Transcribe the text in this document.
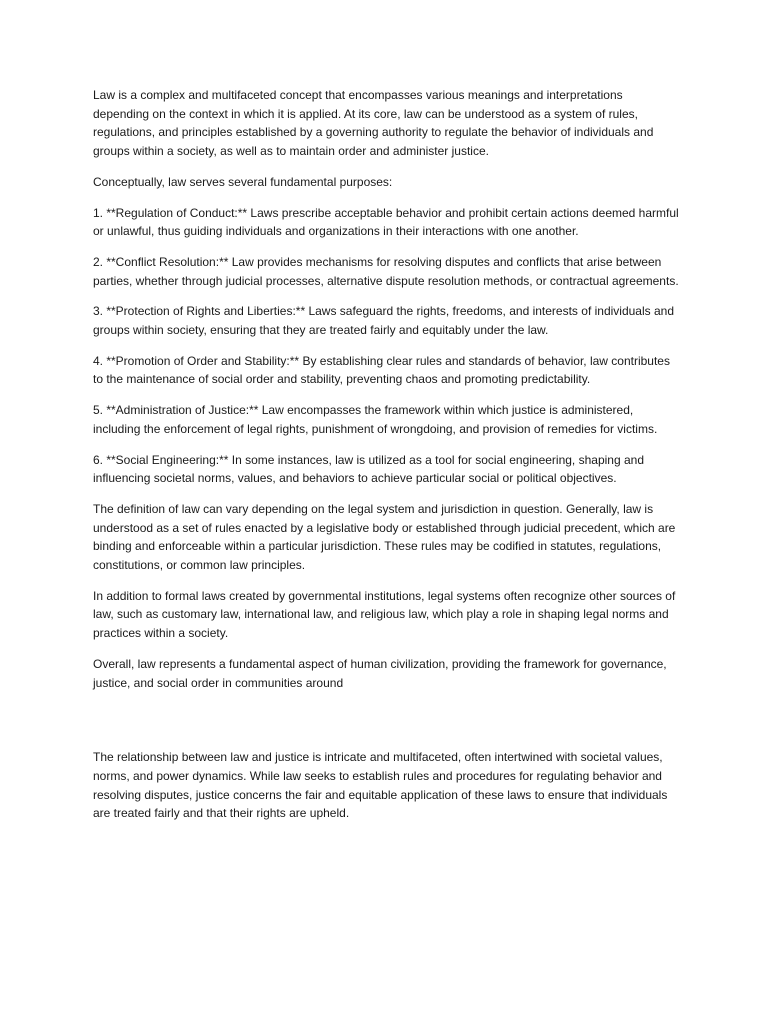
Law is a complex and multifaceted concept that encompasses various meanings and interpretations depending on the context in which it is applied. At its core, law can be understood as a system of rules, regulations, and principles established by a governing authority to regulate the behavior of individuals and groups within a society, as well as to maintain order and administer justice.

Conceptually, law serves several fundamental purposes:

1. **Regulation of Conduct:** Laws prescribe acceptable behavior and prohibit certain actions deemed harmful or unlawful, thus guiding individuals and organizations in their interactions with one another.

2. **Conflict Resolution:** Law provides mechanisms for resolving disputes and conflicts that arise between parties, whether through judicial processes, alternative dispute resolution methods, or contractual agreements.

3. **Protection of Rights and Liberties:** Laws safeguard the rights, freedoms, and interests of individuals and groups within society, ensuring that they are treated fairly and equitably under the law.

4. **Promotion of Order and Stability:** By establishing clear rules and standards of behavior, law contributes to the maintenance of social order and stability, preventing chaos and promoting predictability.

5. **Administration of Justice:** Law encompasses the framework within which justice is administered, including the enforcement of legal rights, punishment of wrongdoing, and provision of remedies for victims.

6. **Social Engineering:** In some instances, law is utilized as a tool for social engineering, shaping and influencing societal norms, values, and behaviors to achieve particular social or political objectives.

The definition of law can vary depending on the legal system and jurisdiction in question. Generally, law is understood as a set of rules enacted by a legislative body or established through judicial precedent, which are binding and enforceable within a particular jurisdiction. These rules may be codified in statutes, regulations, constitutions, or common law principles.

In addition to formal laws created by governmental institutions, legal systems often recognize other sources of law, such as customary law, international law, and religious law, which play a role in shaping legal norms and practices within a society.

Overall, law represents a fundamental aspect of human civilization, providing the framework for governance, justice, and social order in communities around

The relationship between law and justice is intricate and multifaceted, often intertwined with societal values, norms, and power dynamics. While law seeks to establish rules and procedures for regulating behavior and resolving disputes, justice concerns the fair and equitable application of these laws to ensure that individuals are treated fairly and that their rights are upheld.
